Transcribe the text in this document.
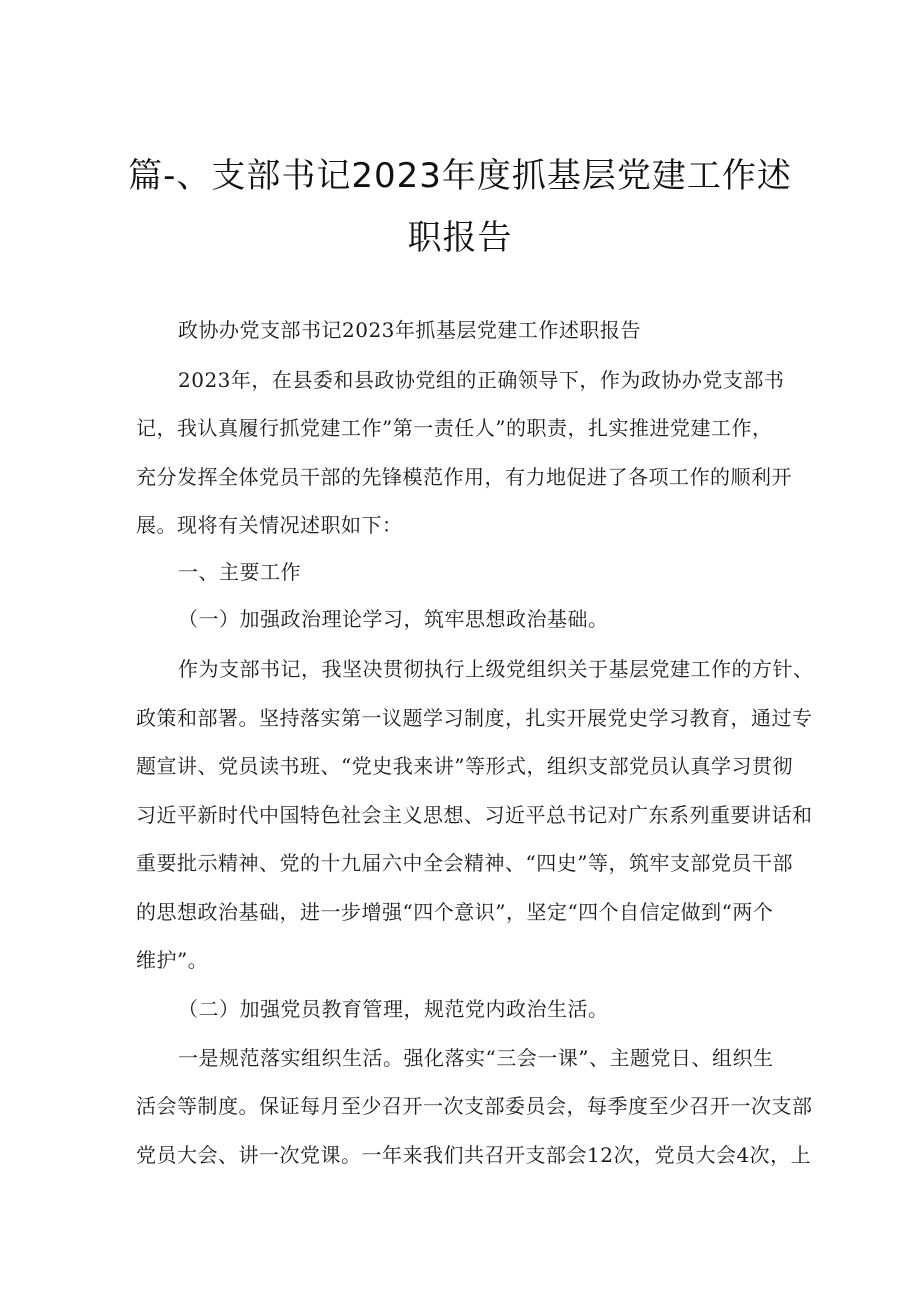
篇-、支部书记2023年度抓基层党建工作述
职报告

政协办党支部书记2023年抓基层党建工作述职报告

2023年，在县委和县政协党组的正确领导下，作为政协办党支部书

记，我认真履行抓党建工作”第一责任人”的职责，扎实推进党建工作，

充分发挥全体党员干部的先锋模范作用，有力地促进了各项工作的顺利开

展。现将有关情况述职如下：

一、主要工作

（一）加强政治理论学习，筑牢思想政治基础。

作为支部书记，我坚决贯彻执行上级党组织关于基层党建工作的方针、

政策和部署。坚持落实第一议题学习制度，扎实开展党史学习教育，通过专

题宣讲、党员读书班、“党史我来讲”等形式，组织支部党员认真学习贯彻

习近平新时代中国特色社会主义思想、习近平总书记对广东系列重要讲话和

重要批示精神、党的十九届六中全会精神、“四史”等，筑牢支部党员干部

的思想政治基础，进一步增强“四个意识”，坚定“四个自信定做到“两个

维护”。

（二）加强党员教育管理，规范党内政治生活。

一是规范落实组织生活。强化落实“三会一课”、主题党日、组织生

活会等制度。保证每月至少召开一次支部委员会，每季度至少召开一次支部

党员大会、讲一次党课。一年来我们共召开支部会12次，党员大会4次，上
